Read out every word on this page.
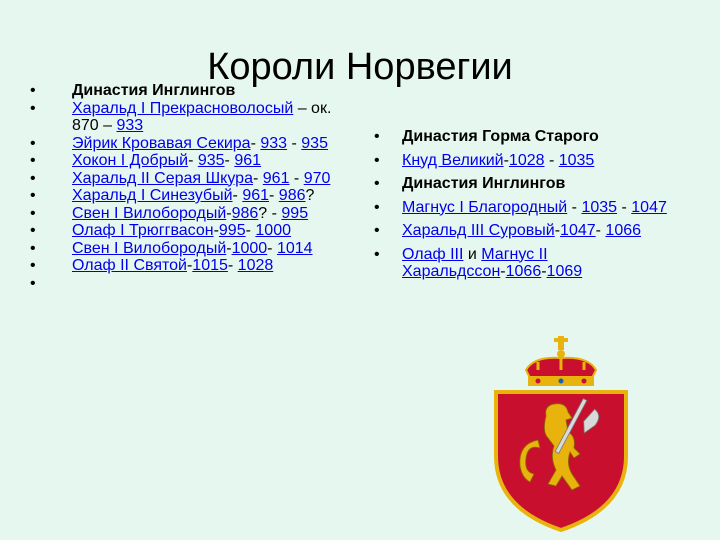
Короли Норвегии
•	Династия Инглингов
•	Харальд I Прекрасноволосый – ок. 870 – 933
•	Эйрик Кровавая Секира- 933 - 935
•	Хокон I Добрый- 935- 961
•	Харальд II Серая Шкура- 961 - 970
•	Харальд I Синезубый- 961- 986?
•	Свен I Вилобородый-986? - 995
•	Олаф I Трюггвасон-995- 1000
•	Свен I Вилобородый-1000- 1014
•	Олаф II Святой-1015- 1028
•
•	Династия Горма Старого
•	Кнуд Великий-1028 - 1035
•	Династия Инглингов
•	Магнус I Благородный - 1035 - 1047
•	Харальд III Суровый-1047- 1066
•	Олаф III и Магнус II Харальдссон-1066-1069
